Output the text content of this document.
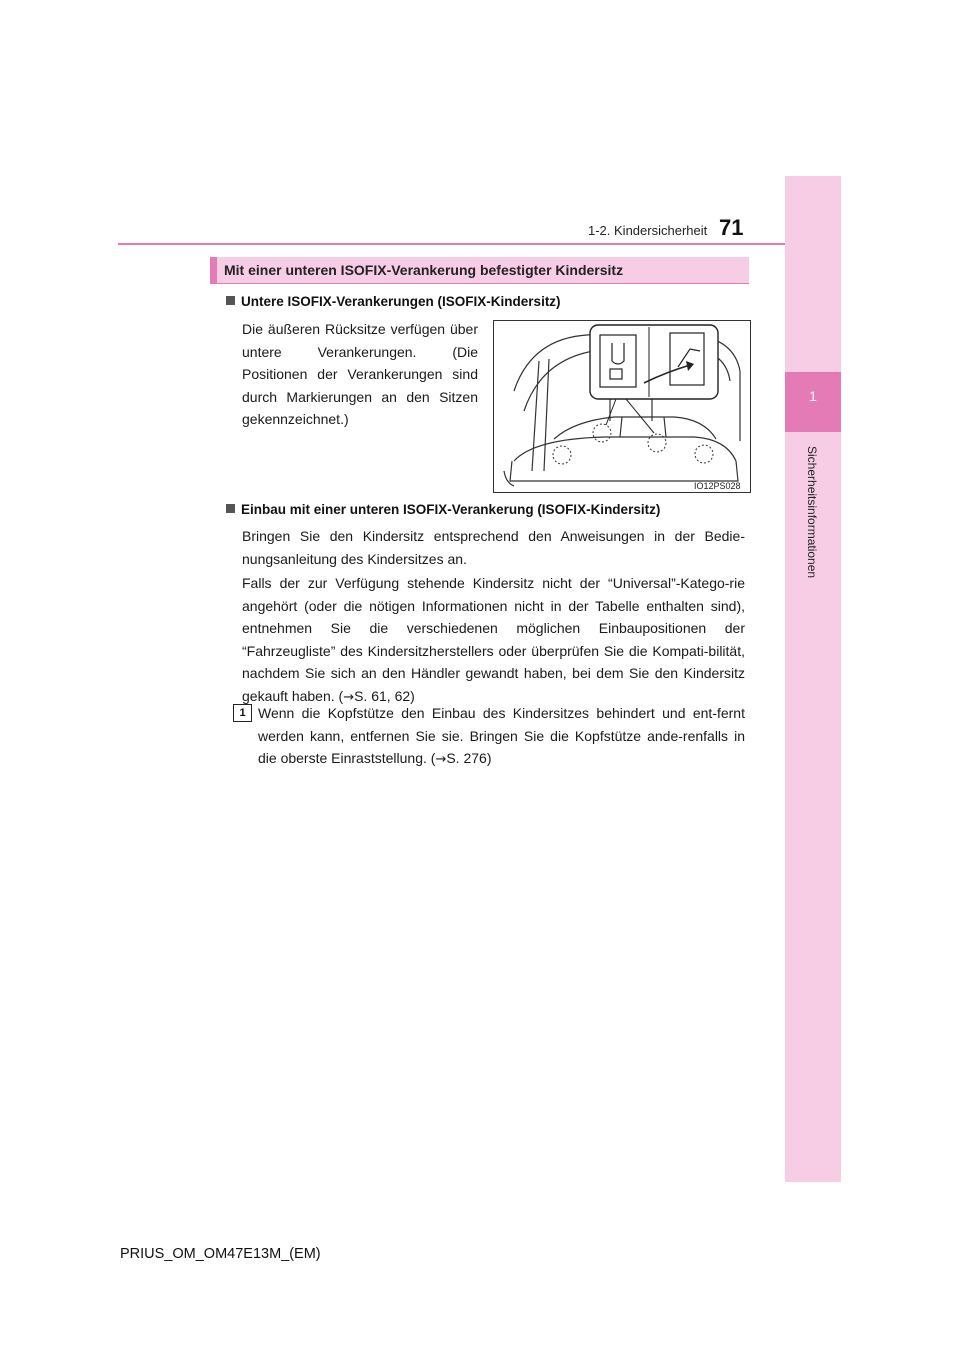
1
Sicherheitsinformationen
1-2. Kindersicherheit 71
Mit einer unteren ISOFIX-Verankerung befestigter Kindersitz
Untere ISOFIX-Verankerungen (ISOFIX-Kindersitz)
Die äußeren Rücksitze verfügen über untere Verankerungen. (Die Positionen der Verankerungen sind durch Markierungen an den Sitzen gekennzeichnet.)
IO12PS028
Einbau mit einer unteren ISOFIX-Verankerung (ISOFIX-Kindersitz)
Bringen Sie den Kindersitz entsprechend den Anweisungen in der Bedie-nungsanleitung des Kindersitzes an.
Falls der zur Verfügung stehende Kindersitz nicht der “Universal”-Katego-rie angehört (oder die nötigen Informationen nicht in der Tabelle enthalten sind), entnehmen Sie die verschiedenen möglichen Einbaupositionen der “Fahrzeugliste” des Kindersitzherstellers oder überprüfen Sie die Kompati-bilität, nachdem Sie sich an den Händler gewandt haben, bei dem Sie den Kindersitz gekauft haben. (→S. 61, 62)
1 Wenn die Kopfstütze den Einbau des Kindersitzes behindert und ent-fernt werden kann, entfernen Sie sie. Bringen Sie die Kopfstütze ande-renfalls in die oberste Einraststellung. (→S. 276)
PRIUS_OM_OM47E13M_(EM)
